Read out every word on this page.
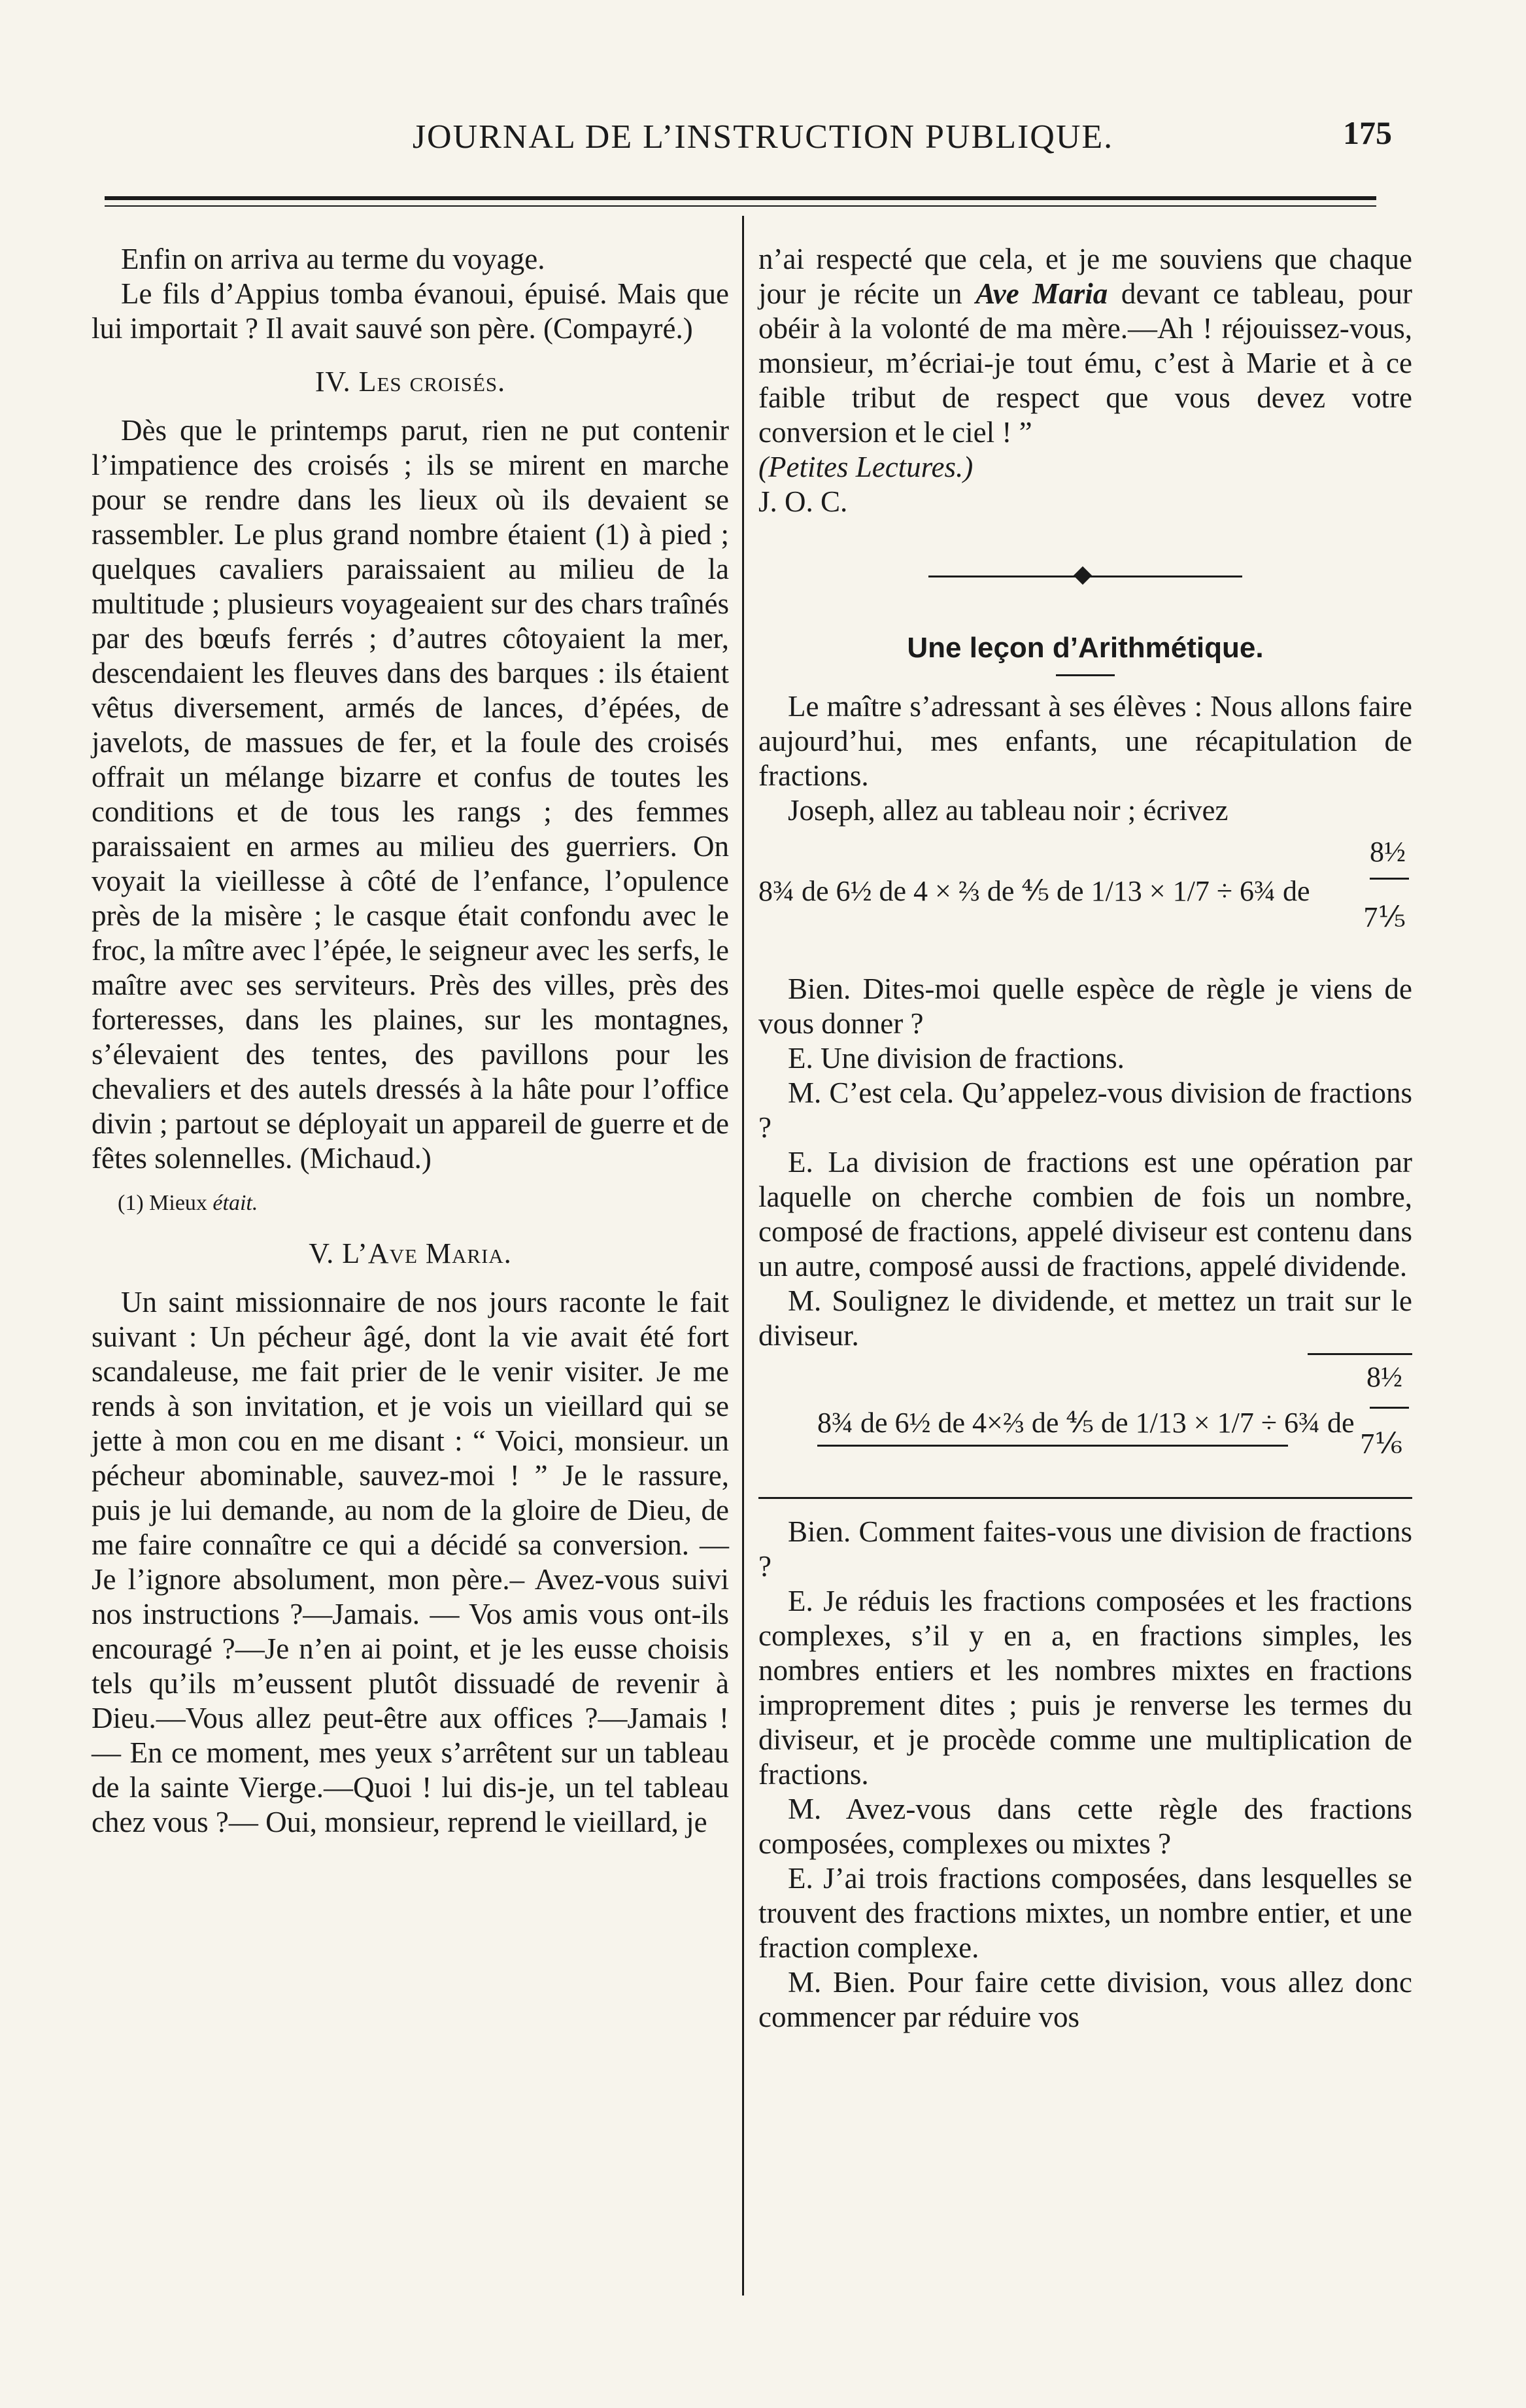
JOURNAL DE L’INSTRUCTION PUBLIQUE.	175

Enfin on arriva au terme du voyage.

Le fils d’Appius tomba évanoui, épuisé. Mais que lui importait ? Il avait sauvé son père. (Compayré.)

IV. Les croisés.

Dès que le printemps parut, rien ne put contenir l’impatience des croisés ; ils se mirent en marche pour se rendre dans les lieux où ils devaient se rassembler. Le plus grand nombre étaient (1) à pied ; quelques cavaliers paraissaient au milieu de la multitude ; plusieurs voyageaient sur des chars traînés par des bœufs ferrés ; d’autres côtoyaient la mer, descendaient les fleuves dans des barques : ils étaient vêtus diversement, armés de lances, d’épées, de javelots, de massues de fer, et la foule des croisés offrait un mélange bizarre et confus de toutes les conditions et de tous les rangs ; des femmes paraissaient en armes au milieu des guerriers. On voyait la vieillesse à côté de l’enfance, l’opulence près de la misère ; le casque était confondu avec le froc, la mître avec l’épée, le seigneur avec les serfs, le maître avec ses serviteurs. Près des villes, près des forteresses, dans les plaines, sur les montagnes, s’élevaient des tentes, des pavillons pour les chevaliers et des autels dressés à la hâte pour l’office divin ; partout se déployait un appareil de guerre et de fêtes solennelles. (Michaud.)

(1) Mieux était.
V. L’Ave Maria.

Un saint missionnaire de nos jours raconte le fait suivant : Un pécheur âgé, dont la vie avait été fort scandaleuse, me fait prier de le venir visiter. Je me rends à son invitation, et je vois un vieillard qui se jette à mon cou en me disant : “ Voici, monsieur. un pécheur abominable, sauvez-moi ! ” Je le rassure, puis je lui demande, au nom de la gloire de Dieu, de me faire connaître ce qui a décidé sa conversion. — Je l’ignore absolument, mon père.– Avez-vous suivi nos instructions ?—Jamais. — Vos amis vous ont-ils encouragé ?—Je n’en ai point, et je les eusse choisis tels qu’ils m’eussent plutôt dissuadé de revenir à Dieu.—Vous allez peut-être aux offices ?—Jamais !— En ce moment, mes yeux s’arrêtent sur un tableau de la sainte Vierge.—Quoi ! lui dis-je, un tel tableau chez vous ?— Oui, monsieur, reprend le vieillard, je

n’ai respecté que cela, et je me souviens que chaque jour je récite un Ave Maria devant ce tableau, pour obéir à la volonté de ma mère.—Ah ! réjouissez-vous, monsieur, m’écriai-je tout ému, c’est à Marie et à ce faible tribut de respect que vous devez votre conversion et le ciel ! ”

(Petites Lectures.)

J. O. C.

Une leçon d’Arithmétique.

Le maître s’adressant à ses élèves : Nous allons faire aujourd’hui, mes enfants, une récapitulation de fractions.

Joseph, allez au tableau noir ; écrivez

8½
7⅕
8¾ de 6½ de 4 × ⅔ de ⅘ de 1/13 × 1/7 ÷ 6¾ de

Bien. Dites-moi quelle espèce de règle je viens de vous donner ?

E. Une division de fractions.

M. C’est cela. Qu’appelez-vous division de fractions ?

E. La division de fractions est une opération par laquelle on cherche combien de fois un nombre, composé de fractions, appelé diviseur est contenu dans un autre, composé aussi de fractions, appelé dividende.

M. Soulignez le dividende, et mettez un trait sur le diviseur.

8½
7⅙
8¾ de 6½ de 4×⅔ de ⅘ de 1/13 × 1/7 ÷ 6¾ de

Bien. Comment faites-vous une division de fractions ?

E. Je réduis les fractions composées et les fractions complexes, s’il y en a, en fractions simples, les nombres entiers et les nombres mixtes en fractions improprement dites ; puis je renverse les termes du diviseur, et je procède comme une multiplication de fractions.

M. Avez-vous dans cette règle des fractions composées, complexes ou mixtes ?

E. J’ai trois fractions composées, dans lesquelles se trouvent des fractions mixtes, un nombre entier, et une fraction complexe.

M. Bien. Pour faire cette division, vous allez donc commencer par réduire vos
